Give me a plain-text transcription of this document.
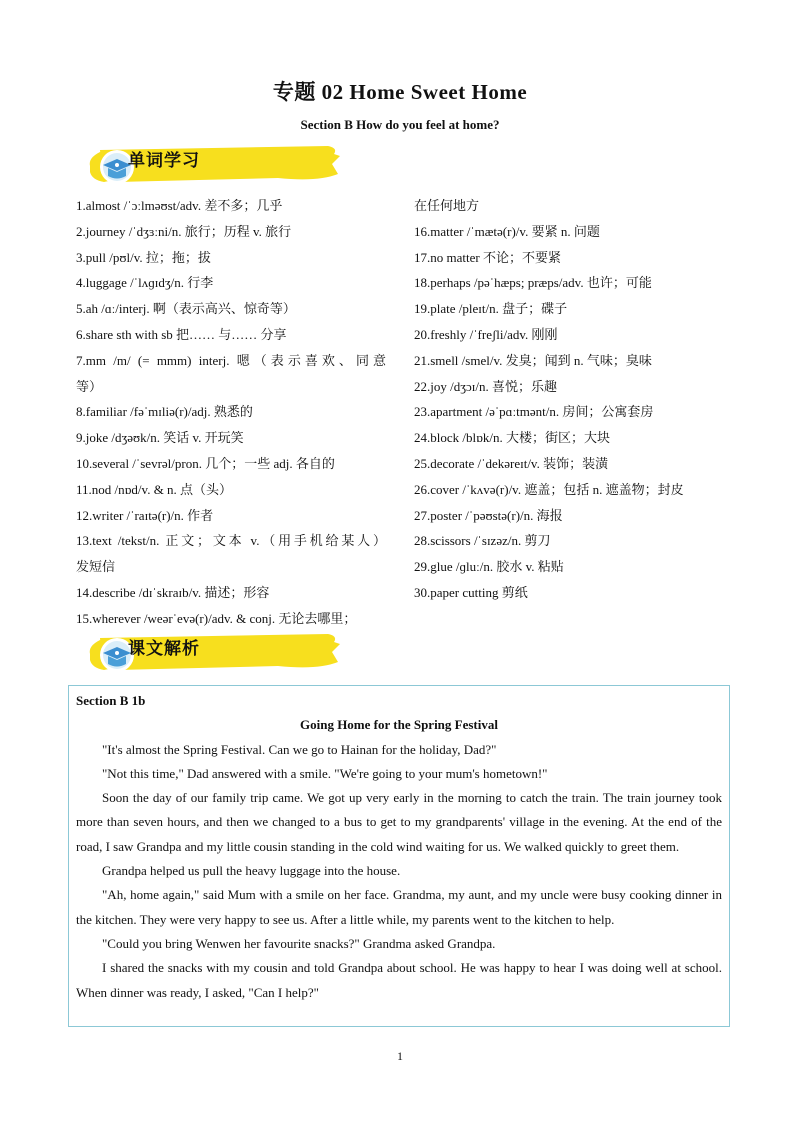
专题 02 Home Sweet Home
Section B How do you feel at home?
单词学习
1.almost /ˈɔːlməʊst/adv. 差不多；几乎
2.journey /ˈdʒɜːni/n. 旅行；历程 v. 旅行
3.pull /pʊl/v. 拉；拖；拔
4.luggage /ˈlʌɡɪdʒ/n. 行李
5.ah /ɑː/interj. 啊（表示高兴、惊奇等）
6.share sth with sb 把…… 与…… 分享
7.mm /m/ (= mmm) interj. 嗯（表示喜欢、同意
等）
8.familiar /fəˈmɪliə(r)/adj. 熟悉的
9.joke /dʒəʊk/n. 笑话 v. 开玩笑
10.several /ˈsevrəl/pron. 几个；一些 adj. 各自的
11.nod /nɒd/v. & n. 点（头）
12.writer /ˈraɪtə(r)/n. 作者
13.text /tekst/n. 正文；文本 v.（用手机给某人）
发短信
14.describe /dɪˈskraɪb/v. 描述；形容
15.wherever /weərˈevə(r)/adv. & conj. 无论去哪里；
在任何地方
16.matter /ˈmætə(r)/v. 要紧 n. 问题
17.no matter 不论；不要紧
18.perhaps /pəˈhæps; præps/adv. 也许；可能
19.plate /pleɪt/n. 盘子；碟子
20.freshly /ˈfreʃli/adv. 刚刚
21.smell /smel/v. 发臭；闻到 n. 气味；臭味
22.joy /dʒɔɪ/n. 喜悦；乐趣
23.apartment /əˈpɑːtmənt/n. 房间；公寓套房
24.block /blɒk/n. 大楼；街区；大块
25.decorate /ˈdekəreɪt/v. 装饰；装潢
26.cover /ˈkʌvə(r)/v. 遮盖；包括 n. 遮盖物；封皮
27.poster /ˈpəʊstə(r)/n. 海报
28.scissors /ˈsɪzəz/n. 剪刀
29.glue /ɡluː/n. 胶水 v. 粘贴
30.paper cutting 剪纸
课文解析
Section B 1b
Going Home for the Spring Festival

"It's almost the Spring Festival. Can we go to Hainan for the holiday, Dad?"

"Not this time," Dad answered with a smile. "We're going to your mum's hometown!"

Soon the day of our family trip came. We got up very early in the morning to catch the train. The train journey took more than seven hours, and then we changed to a bus to get to my grandparents' village in the evening. At the end of the road, I saw Grandpa and my little cousin standing in the cold wind waiting for us. We walked quickly to greet them.

Grandpa helped us pull the heavy luggage into the house.

"Ah, home again," said Mum with a smile on her face. Grandma, my aunt, and my uncle were busy cooking dinner in the kitchen. They were very happy to see us. After a little while, my parents went to the kitchen to help.

"Could you bring Wenwen her favourite snacks?" Grandma asked Grandpa.

I shared the snacks with my cousin and told Grandpa about school. He was happy to hear I was doing well at school. When dinner was ready, I asked, "Can I help?"

1
